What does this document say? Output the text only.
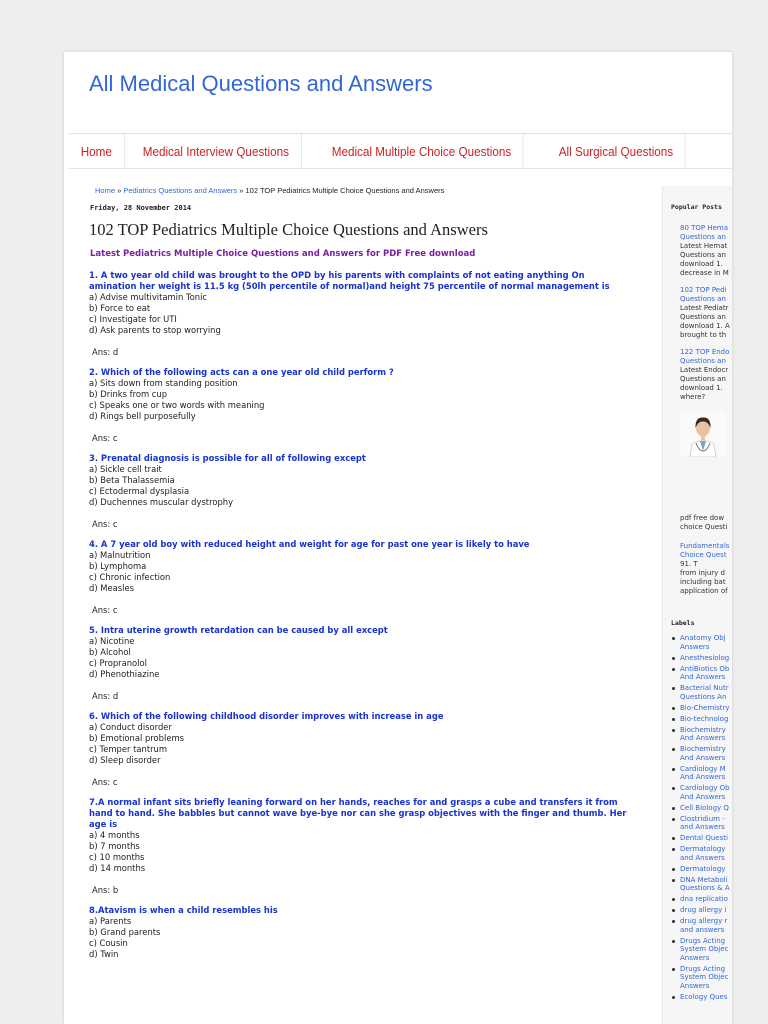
All Medical Questions and Answers
Home	Medical Interview Questions	Medical Multiple Choice Questions	All Surgical Questions
Home » Pediatrics Questions and Answers » 102 TOP Pediatrics Multiple Choice Questions and Answers
Friday, 28 November 2014
102 TOP Pediatrics Multiple Choice Questions and Answers
Latest Pediatrics Multiple Choice Questions and Answers for PDF Free download
1. A two year old child was brought to the OPD by his parents with complaints of not eating anything On amination her weight is 11.5 kg (50lh percentile of normal)and height 75 percentile of normal management is
a) Advise multivitamin Tonic
b) Force to eat
c) Investigate for UTI
d) Ask parents to stop worrying
Ans: d
2. Which of the following acts can a one year old child perform ?
a) Sits down from standing position
b) Drinks from cup
c) Speaks one or two words with meaning
d) Rings bell purposefully
Ans: c
3. Prenatal diagnosis is possible for all of following except
a) Sickle cell trait
b) Beta Thalassemia
c) Ectodermal dysplasia
d) Duchennes muscular dystrophy
Ans: c
4. A 7 year old boy with reduced height and weight for age for past one year is likely to have
a) Malnutrition
b) Lymphoma
c) Chronic infection
d) Measles
Ans: c
5. Intra uterine growth retardation can be caused by all except
a) Nicotine
b) Alcohol
c) Propranolol
d) Phenothiazine
Ans: d
6. Which of the following childhood disorder improves with increase in age
a) Conduct disorder
b) Emotional problems
c) Temper tantrum
d) Sleep disorder
Ans: c
7.A normal infant sits briefly leaning forward on her hands, reaches for and grasps a cube and transfers it from hand to hand. She babbles but cannot wave bye-bye nor can she grasp objectives with the finger and thumb. Her age is
a) 4 months
b) 7 months
c) 10 months
d) 14 months
Ans: b
8.Atavism is when a child resembles his
a) Parents
b) Grand parents
c) Cousin
d) Twin
Popular Posts
80 TOP Hema
Questions an
Latest Hemat
Questions an
download 1.
decrease in M
102 TOP Pedi
Questions an
Latest Pediatr
Questions an
download 1. A
brought to th
122 TOP Endo
Questions an
Latest Endocr
Questions an
download 1.
where?
pdf free dow
choice Questi
Fundamentals
Choice Quest
91. T
from injury d
including bat
application of
Labels
Anatomy Obj
Answers
Anesthesiolog
AntiBiotics Ob
And Answers
Bacterial Nutr
Questions An
Bio-Chemistry
Bio-technolog
Biochemistry
And Answers
Biochemistry
And Answers
Cardiology M
And Answers
Cardiology Ob
And Answers
Cell Biology Q
Clostridium -
and Answers
Dental Questi
Dermatology
and Answers
Dermatology
DNA Metaboli
Questions & A
dna replicatio
drug allergy i
drug allergy r
and answers
Drugs Acting
System Objec
Answers
Drugs Acting
System Objec
Answers
Ecology Ques
